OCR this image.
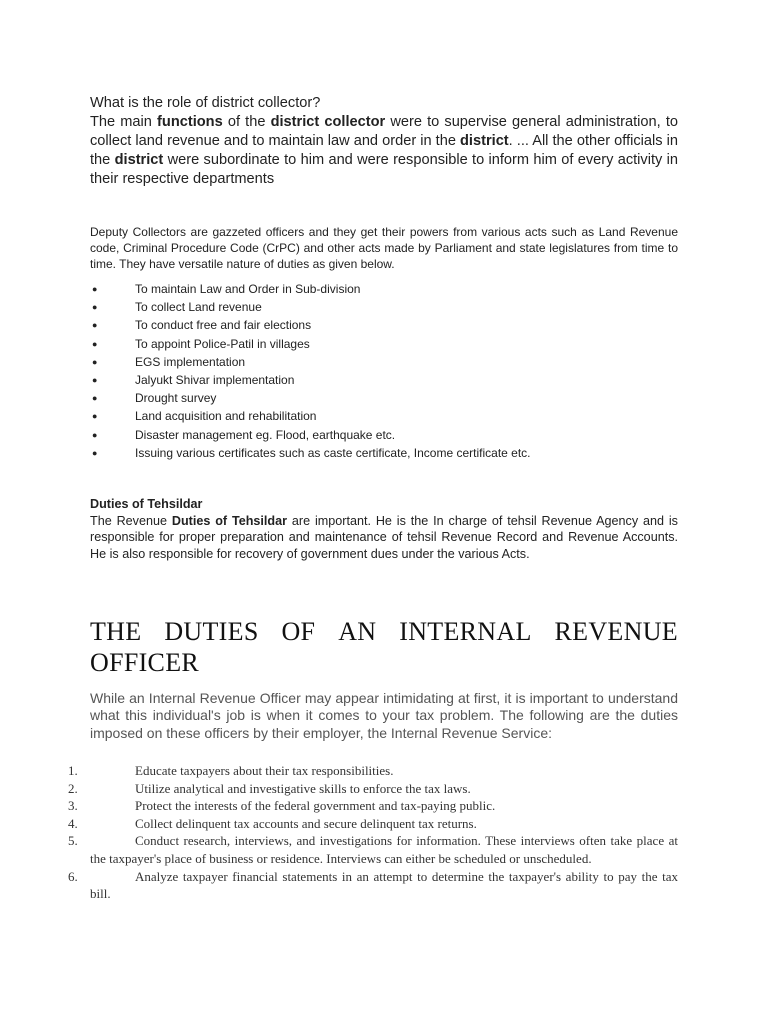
What is the role of district collector?

The main functions of the district collector were to supervise general administration, to collect land revenue and to maintain law and order in the district. ... All the other officials in the district were subordinate to him and were responsible to inform him of every activity in their respective departments

Deputy Collectors are gazzeted officers and they get their powers from various acts such as Land Revenue code, Criminal Procedure Code (CrPC) and other acts made by Parliament and state legislatures from time to time. They have versatile nature of duties as given below.

●	To maintain Law and Order in Sub-division
●	To collect Land revenue
●	To conduct free and fair elections
●	To appoint Police-Patil in villages
●	EGS implementation
●	Jalyukt Shivar implementation
●	Drought survey
●	Land acquisition and rehabilitation
●	Disaster management eg. Flood, earthquake etc.
●	Issuing various certificates such as caste certificate, Income certificate etc.
Duties of Tehsildar

The Revenue Duties of Tehsildar are important. He is the In charge of tehsil Revenue Agency and is responsible for proper preparation and maintenance of tehsil Revenue Record and Revenue Accounts. He is also responsible for recovery of government dues under the various Acts.

THE DUTIES OF AN INTERNAL REVENUE
OFFICER

While an Internal Revenue Officer may appear intimidating at first, it is important to understand what this individual's job is when it comes to your tax problem. The following are the duties imposed on these officers by their employer, the Internal Revenue Service:

1.	Educate taxpayers about their tax responsibilities.
2.	Utilize analytical and investigative skills to enforce the tax laws.
3.	Protect the interests of the federal government and tax-paying public.
4.	Collect delinquent tax accounts and secure delinquent tax returns.
5.	Conduct research, interviews, and investigations for information. These interviews often take place at the taxpayer's place of business or residence. Interviews can either be scheduled or unscheduled.
6.	Analyze taxpayer financial statements in an attempt to determine the taxpayer's ability to pay the tax bill.
